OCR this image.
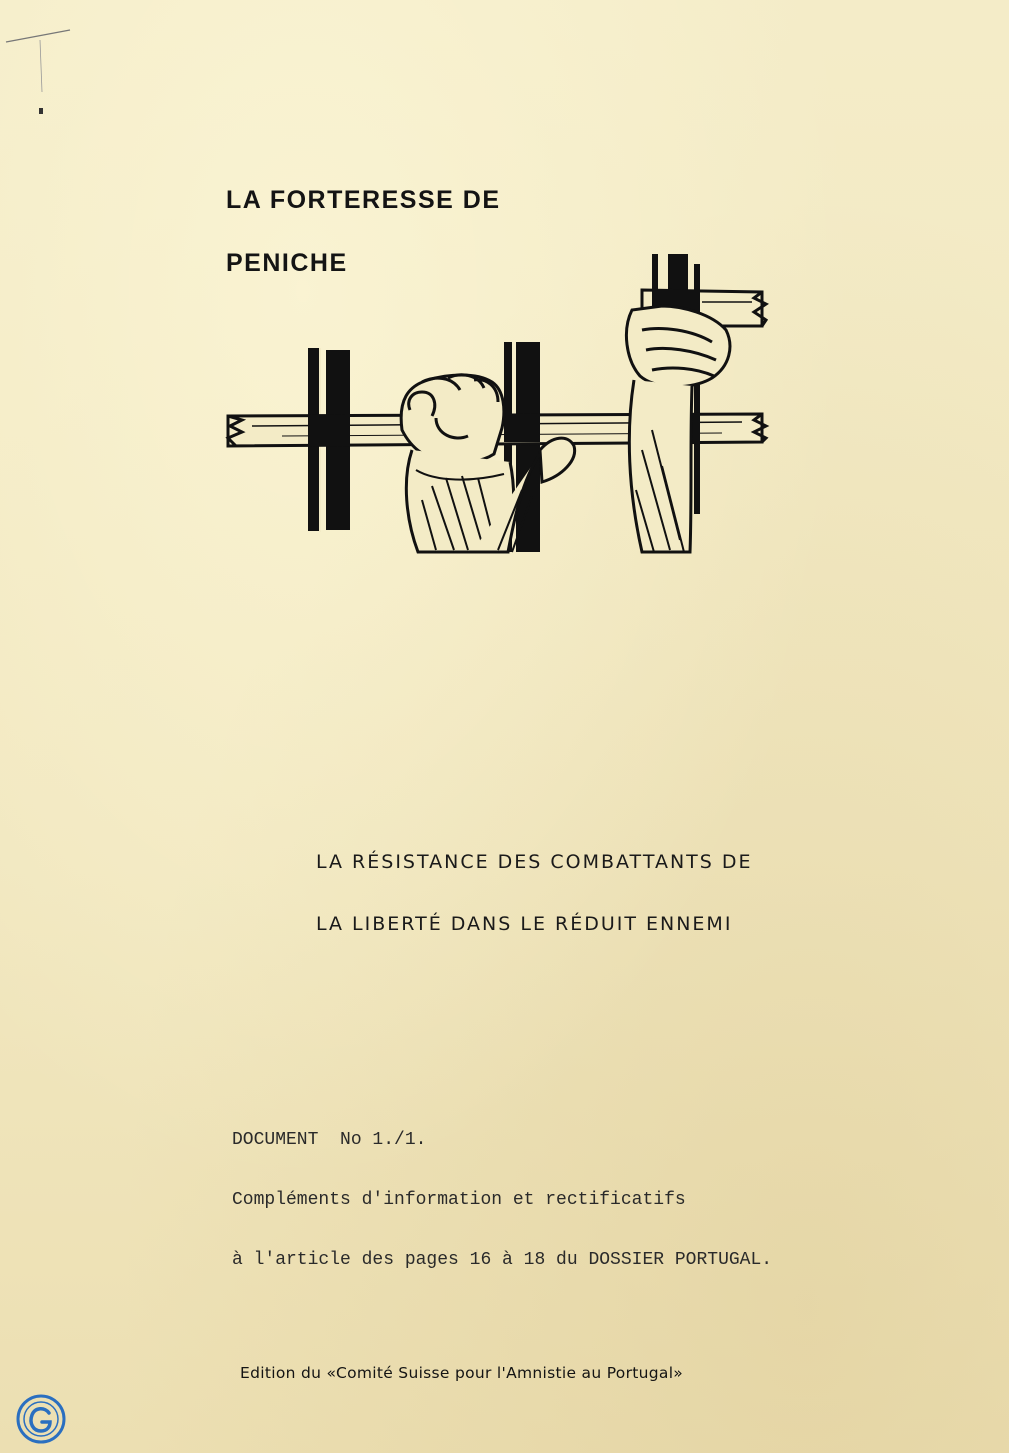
LA FORTERESSE DE
PENICHE
LA RÉSISTANCE DES COMBATTANTS DE
LA LIBERTÉ DANS LE RÉDUIT ENNEMI

DOCUMENT  No 1./1.

Compléments d'information et rectificatifs

à l'article des pages 16 à 18 du DOSSIER PORTUGAL.

Edition du «Comité Suisse pour l'Amnistie au Portugal»
